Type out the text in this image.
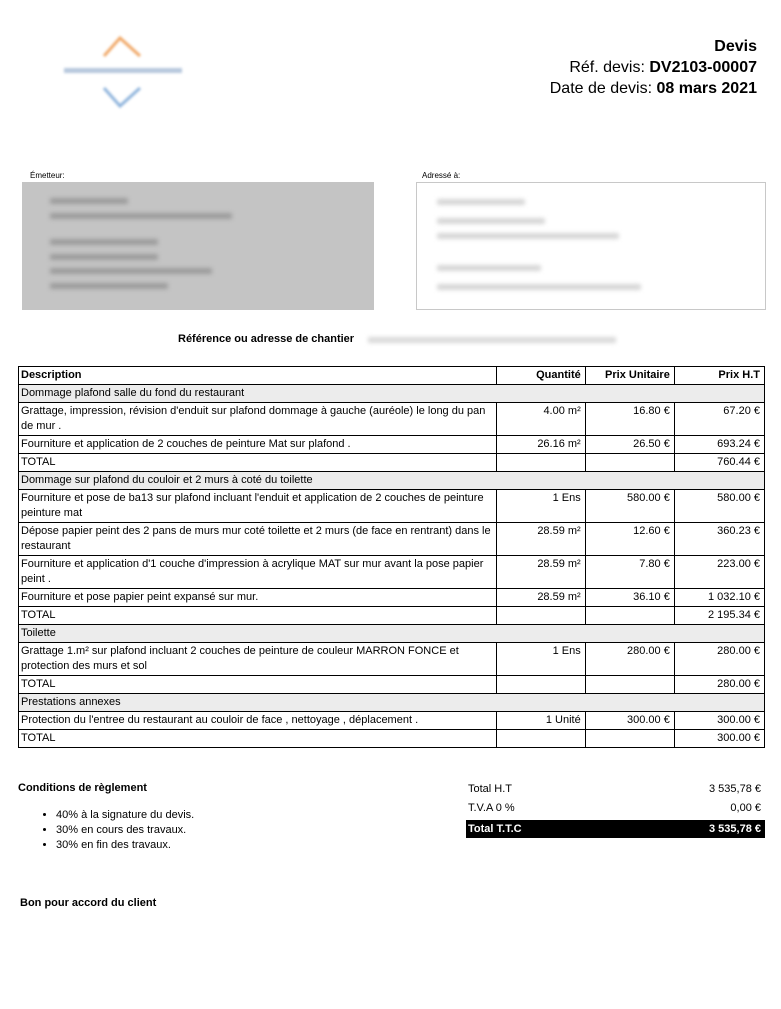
Devis
Réf. devis: DV2103-00007
Date de devis: 08 mars 2021
Émetteur:	Adressé à:
Référence ou adresse de chantier
Description	Quantité	Prix Unitaire	Prix H.T
Dommage plafond salle du fond du restaurant			
Grattage, impression, révision d'enduit sur plafond dommage à gauche (auréole) le long du pan de mur .	4.00 m²	16.80 €	67.20 €
Fourniture et application de 2 couches de peinture Mat sur plafond .	26.16 m²	26.50 €	693.24 €
TOTAL			760.44 €
Dommage sur plafond du couloir et 2 murs à coté du toilette			
Fourniture et pose de ba13 sur plafond incluant l'enduit et application de 2 couches de peinture peinture mat	1 Ens	580.00 €	580.00 €
Dépose papier peint des 2 pans de murs mur coté toilette et 2 murs (de face en rentrant) dans le restaurant	28.59 m²	12.60 €	360.23 €
Fourniture et application d'1 couche d'impression à acrylique MAT sur mur avant la pose papier peint .	28.59 m²	7.80 €	223.00 €
Fourniture et pose papier peint expansé sur mur.	28.59 m²	36.10 €	1 032.10 €
TOTAL			2 195.34 €
Toilette			
Grattage 1.m² sur plafond incluant 2 couches de peinture de couleur MARRON FONCE et protection des murs et sol	1 Ens	280.00 €	280.00 €
TOTAL			280.00 €
Prestations annexes			
Protection du l'entree du restaurant au couloir de face , nettoyage , déplacement .	1 Unité	300.00 €	300.00 €
TOTAL			300.00 €
Conditions de règlement
• 40% à la signature du devis.
• 30% en cours des travaux.
• 30% en fin des travaux.
Total H.T	3 535,78 €
T.V.A 0 %	0,00 €
Total T.T.C	3 535,78 €
Bon pour accord du client
